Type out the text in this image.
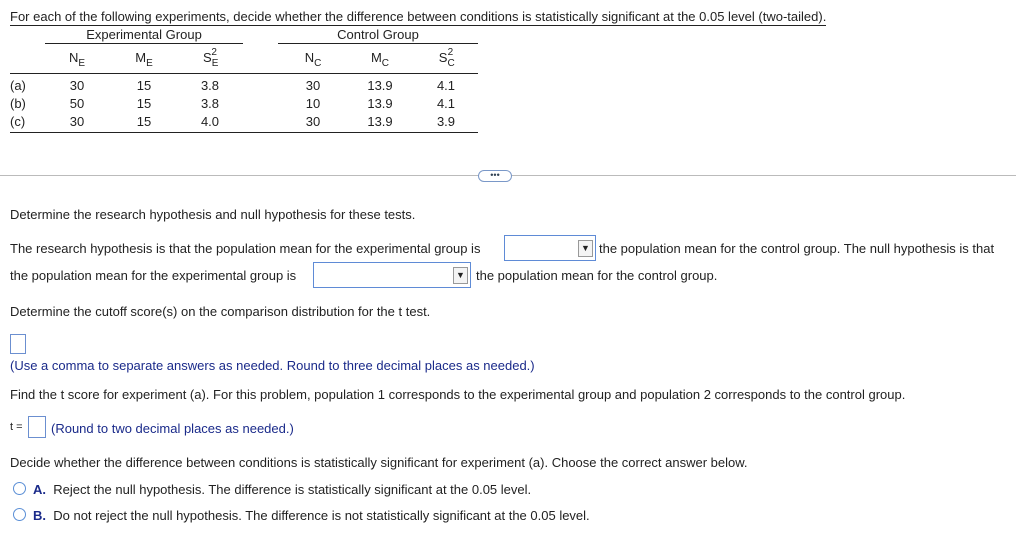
For each of the following experiments, decide whether the difference between conditions is statistically significant at the 0.05 level (two-tailed).
Experimental Group	Control Group
$N_E$	$M_E$	$S_E^2$	$N_C$	$M_C$	$S_C^2$
(a)	30	15	3.8	30	13.9	4.1
(b)	50	15	3.8	10	13.9	4.1
(c)	30	15	4.0	30	13.9	3.9
•••
Determine the research hypothesis and null hypothesis for these tests.
The research hypothesis is that the population mean for the experimental group is	▼ the population mean for the control group. The null hypothesis is that
the population mean for the experimental group is	▼ the population mean for the control group.
Determine the cutoff score(s) on the comparison distribution for the t test.
(Use a comma to separate answers as needed. Round to three decimal places as needed.)
Find the t score for experiment (a). For this problem, population 1 corresponds to the experimental group and population 2 corresponds to the control group.
t = (Round to two decimal places as needed.)
Decide whether the difference between conditions is statistically significant for experiment (a). Choose the correct answer below.
A. Reject the null hypothesis. The difference is statistically significant at the 0.05 level.
B. Do not reject the null hypothesis. The difference is not statistically significant at the 0.05 level.
